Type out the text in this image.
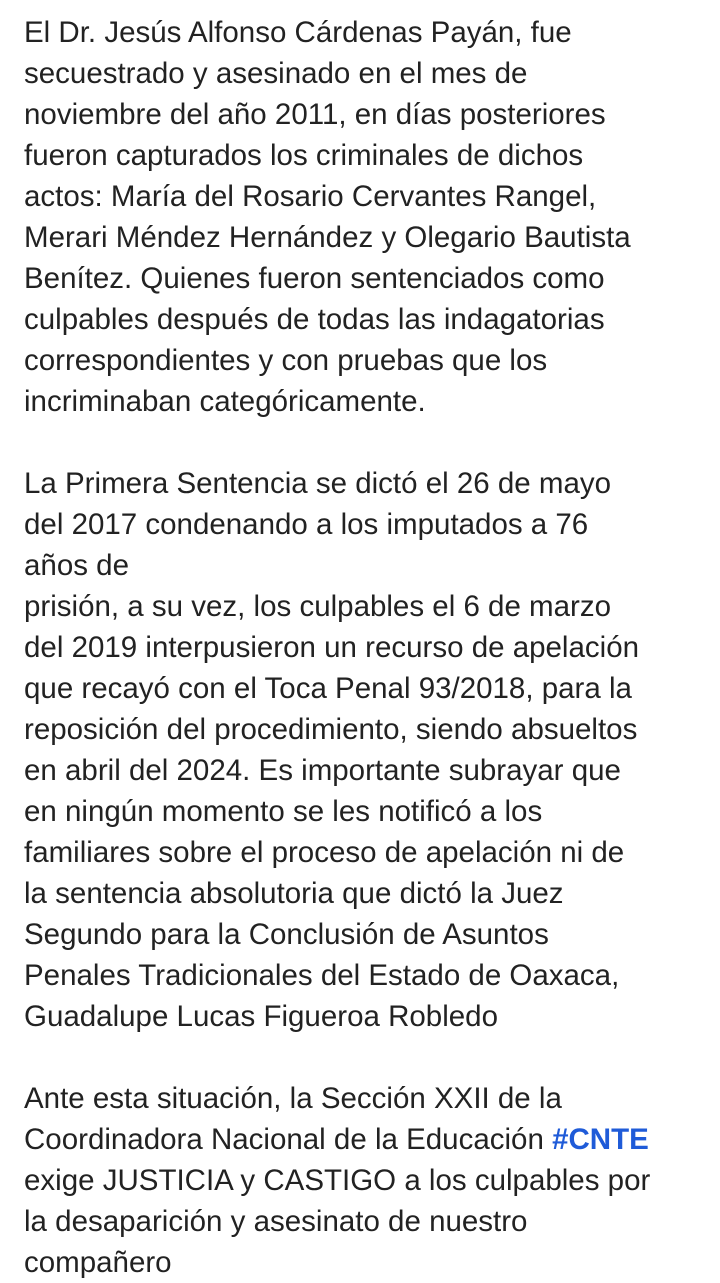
El Dr. Jesús Alfonso Cárdenas Payán, fue
secuestrado y asesinado en el mes de
noviembre del año 2011, en días posteriores
fueron capturados los criminales de dichos
actos: María del Rosario Cervantes Rangel,
Merari Méndez Hernández y Olegario Bautista
Benítez. Quienes fueron sentenciados como
culpables después de todas las indagatorias
correspondientes y con pruebas que los
incriminaban categóricamente.
La Primera Sentencia se dictó el 26 de mayo
del 2017 condenando a los imputados a 76
años de
prisión, a su vez, los culpables el 6 de marzo
del 2019 interpusieron un recurso de apelación
que recayó con el Toca Penal 93/2018, para la
reposición del procedimiento, siendo absueltos
en abril del 2024. Es importante subrayar que
en ningún momento se les notificó a los
familiares sobre el proceso de apelación ni de
la sentencia absolutoria que dictó la Juez
Segundo para la Conclusión de Asuntos
Penales Tradicionales del Estado de Oaxaca,
Guadalupe Lucas Figueroa Robledo
Ante esta situación, la Sección XXII de la
Coordinadora Nacional de la Educación #CNTE
exige JUSTICIA y CASTIGO a los culpables por
la desaparición y asesinato de nuestro
compañero
